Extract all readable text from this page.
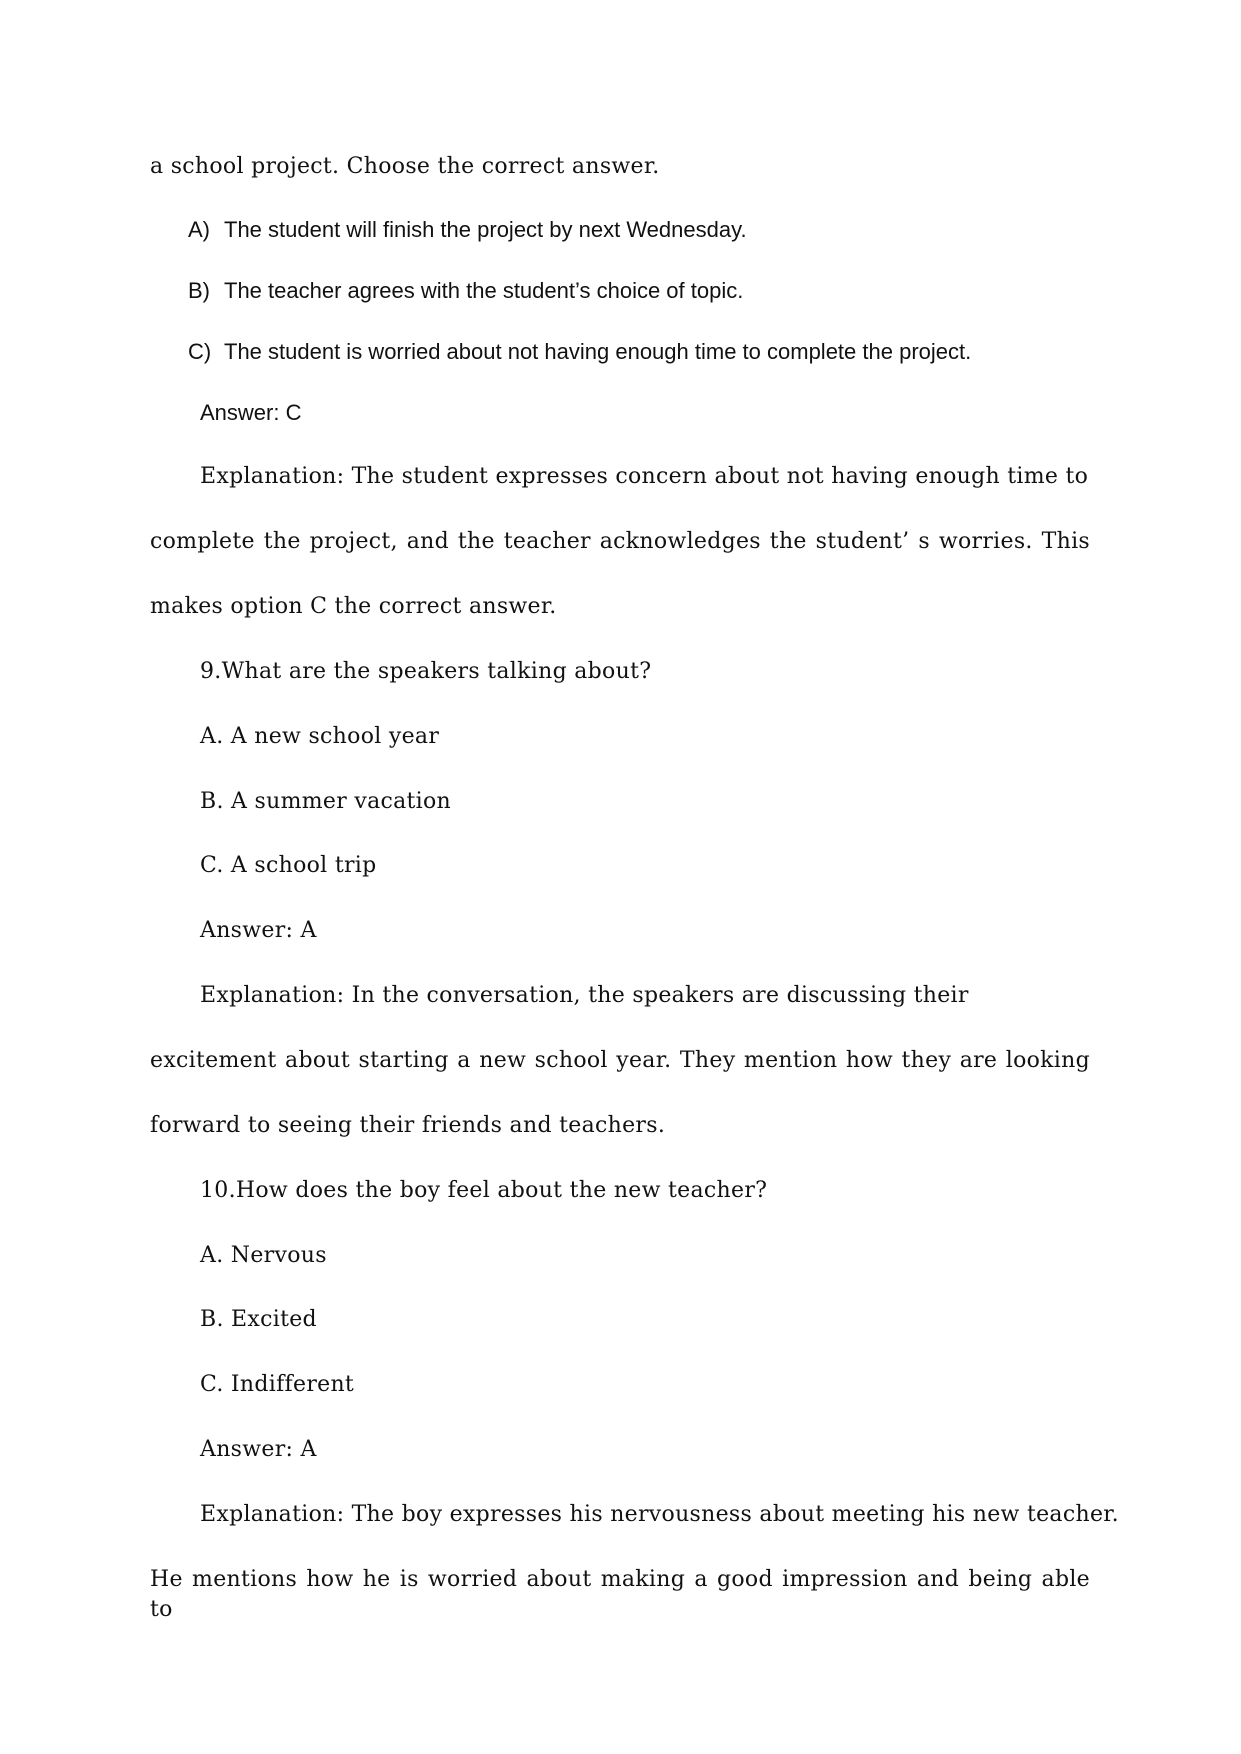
a school project. Choose the correct answer.

A) The student will finish the project by next Wednesday.

B) The teacher agrees with the student’s choice of topic.

C) The student is worried about not having enough time to complete the project.

Answer: C

Explanation: The student expresses concern about not having enough time to

complete the project, and the teacher acknowledges the student’ s worries. This

makes option C the correct answer.

9.What are the speakers talking about?

A. A new school year

B. A summer vacation

C. A school trip

Answer: A

Explanation: In the conversation, the speakers are discussing their

excitement about starting a new school year. They mention how they are looking

forward to seeing their friends and teachers.

10.How does the boy feel about the new teacher?

A. Nervous

B. Excited

C. Indifferent

Answer: A

Explanation: The boy expresses his nervousness about meeting his new teacher.

He mentions how he is worried about making a good impression and being able to
